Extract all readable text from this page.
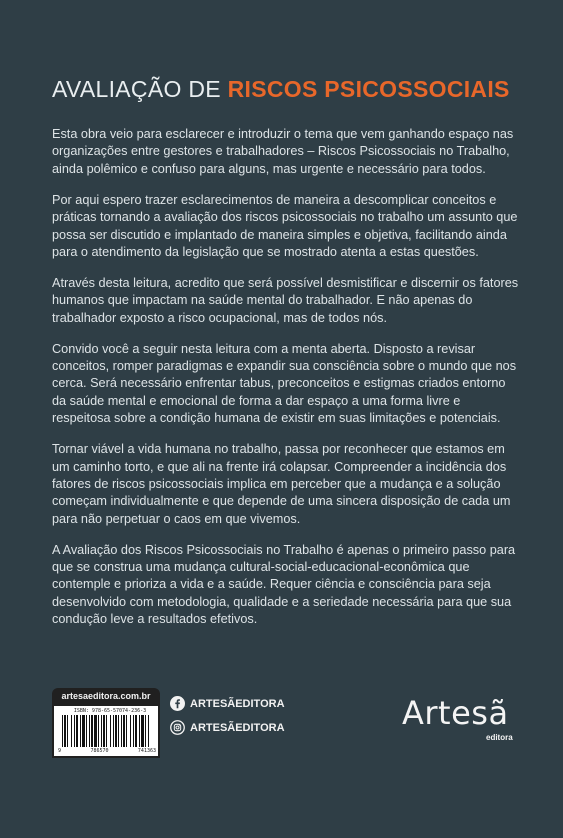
AVALIAÇÃO DE RISCOS PSICOSSOCIAIS

Esta obra veio para esclarecer e introduzir o tema que vem ganhando espaço nas organizações entre gestores e trabalhadores – Riscos Psicossociais no Trabalho, ainda polêmico e confuso para alguns, mas urgente e necessário para todos.

Por aqui espero trazer esclarecimentos de maneira a descomplicar conceitos e práticas tornando a avaliação dos riscos psicossociais no trabalho um assunto que possa ser discutido e implantado de maneira simples e objetiva, facilitando ainda para o atendimento da legislação que se mostrado atenta a estas questões.

Através desta leitura, acredito que será possível desmistificar e discernir os fatores humanos que impactam na saúde mental do trabalhador. E não apenas do trabalhador exposto a risco ocupacional, mas de todos nós.

Convido você a seguir nesta leitura com a menta aberta. Disposto a revisar conceitos, romper paradigmas e expandir sua consciência sobre o mundo que nos cerca. Será necessário enfrentar tabus, preconceitos e estigmas criados entorno da saúde mental e emocional de forma a dar espaço a uma forma livre e respeitosa sobre a condição humana de existir em suas limitações e potenciais.

Tornar viável a vida humana no trabalho, passa por reconhecer que estamos em um caminho torto, e que ali na frente irá colapsar. Compreender a incidência dos fatores de riscos psicossociais implica em perceber que a mudança e a solução começam individualmente e que depende de uma sincera disposição de cada um para não perpetuar o caos em que vivemos.

A Avaliação dos Riscos Psicossociais no Trabalho é apenas o primeiro passo para que se construa uma mudança cultural-social-educacional-econômica que contemple e prioriza a vida e a saúde. Requer ciência e consciência para seja desenvolvido com metodologia, qualidade e a seriedade necessária para que sua condução leve a resultados efetivos.

artesaeditora.com.br
ISBN: 978-65-57074-236-3
9	786570	741363
ARTESÃEDITORA
ARTESÃEDITORA	Artesã
editora
